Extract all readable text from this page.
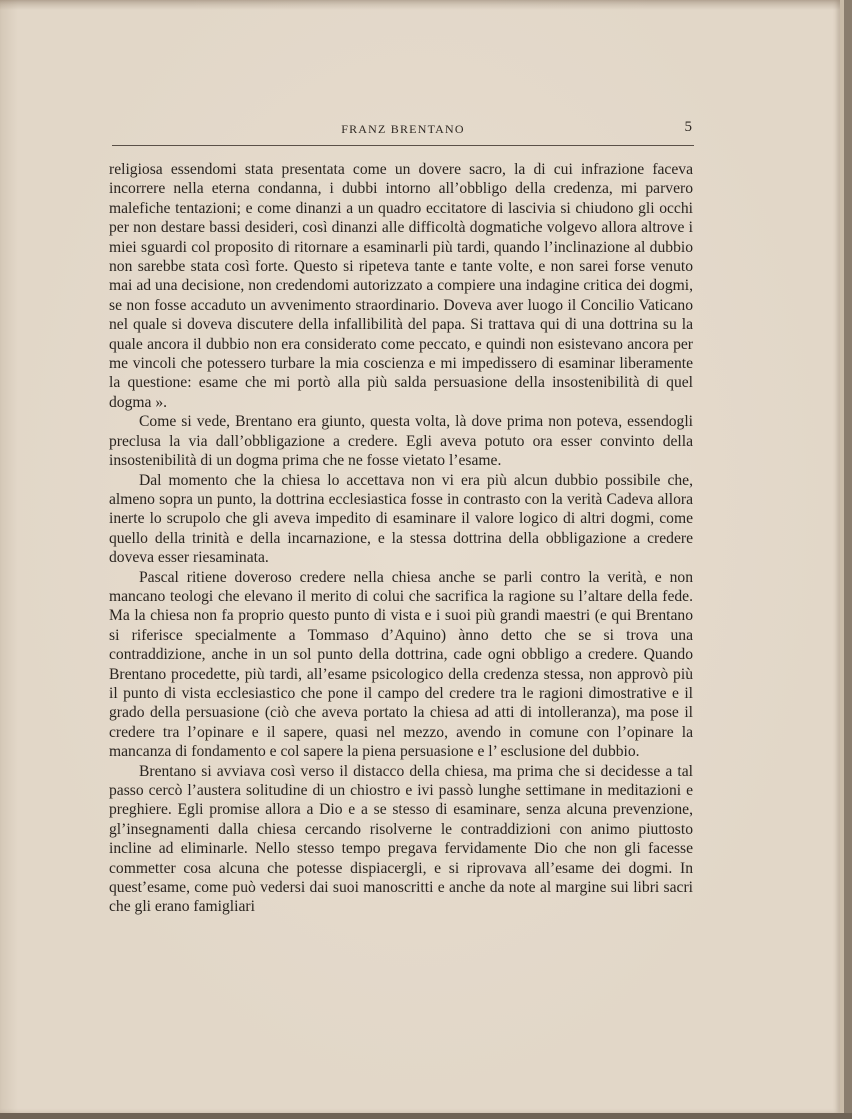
FRANZ BRENTANO	5

religiosa essendomi stata presentata come un dovere sacro, la di cui infrazione faceva incorrere nella eterna condanna, i dubbi intorno all’obbligo della credenza, mi parvero malefiche tentazioni; e come dinanzi a un quadro eccitatore di lascivia si chiudono gli occhi per non destare bassi desideri, così dinanzi alle difficoltà dogmatiche volgevo allora altrove i miei sguardi col proposito di ritornare a esaminarli più tardi, quando l’inclinazione al dubbio non sarebbe stata così forte. Questo si ripeteva tante e tante volte, e non sarei forse venuto mai ad una decisione, non credendomi autorizzato a compiere una indagine critica dei dogmi, se non fosse accaduto un avvenimento straordinario. Doveva aver luogo il Concilio Vaticano nel quale si doveva discutere della infallibilità del papa. Si trattava qui di una dottrina su la quale ancora il dubbio non era considerato come peccato, e quindi non esistevano ancora per me vincoli che potessero turbare la mia coscienza e mi impedissero di esaminar liberamente la questione: esame che mi portò alla più salda persuasione della insostenibilità di quel dogma ».

Come si vede, Brentano era giunto, questa volta, là dove prima non poteva, essendogli preclusa la via dall’obbligazione a credere. Egli aveva potuto ora esser convinto della insostenibilità di un dogma prima che ne fosse vietato l’esame.

Dal momento che la chiesa lo accettava non vi era più alcun dubbio possibile che, almeno sopra un punto, la dottrina ecclesiastica fosse in contrasto con la verità Cadeva allora inerte lo scrupolo che gli aveva impedito di esaminare il valore logico di altri dogmi, come quello della trinità e della incarnazione, e la stessa dottrina della obbligazione a credere doveva esser riesaminata.

Pascal ritiene doveroso credere nella chiesa anche se parli contro la verità, e non mancano teologi che elevano il merito di colui che sacrifica la ragione su l’altare della fede. Ma la chiesa non fa proprio questo punto di vista e i suoi più grandi maestri (e qui Brentano si riferisce specialmente a Tommaso d’Aquino) ànno detto che se si trova una contraddizione, anche in un sol punto della dottrina, cade ogni obbligo a credere. Quando Brentano procedette, più tardi, all’esame psicologico della credenza stessa, non approvò più il punto di vista ecclesiastico che pone il campo del credere tra le ragioni dimostrative e il grado della persuasione (ciò che aveva portato la chiesa ad atti di intolleranza), ma pose il credere tra l’opinare e il sapere, quasi nel mezzo, avendo in comune con l’opinare la mancanza di fondamento e col sapere la piena persuasione e l’ esclusione del dubbio.

Brentano si avviava così verso il distacco della chiesa, ma prima che si decidesse a tal passo cercò l’austera solitudine di un chiostro e ivi passò lunghe settimane in meditazioni e preghiere. Egli promise allora a Dio e a se stesso di esaminare, senza alcuna prevenzione, gl’insegnamenti dalla chiesa cercando risolverne le contraddizioni con animo piuttosto incline ad eliminarle. Nello stesso tempo pregava fervidamente Dio che non gli facesse commetter cosa alcuna che potesse dispiacergli, e si riprovava all’esame dei dogmi. In quest’esame, come può vedersi dai suoi manoscritti e anche da note al margine sui libri sacri che gli erano famigliari
